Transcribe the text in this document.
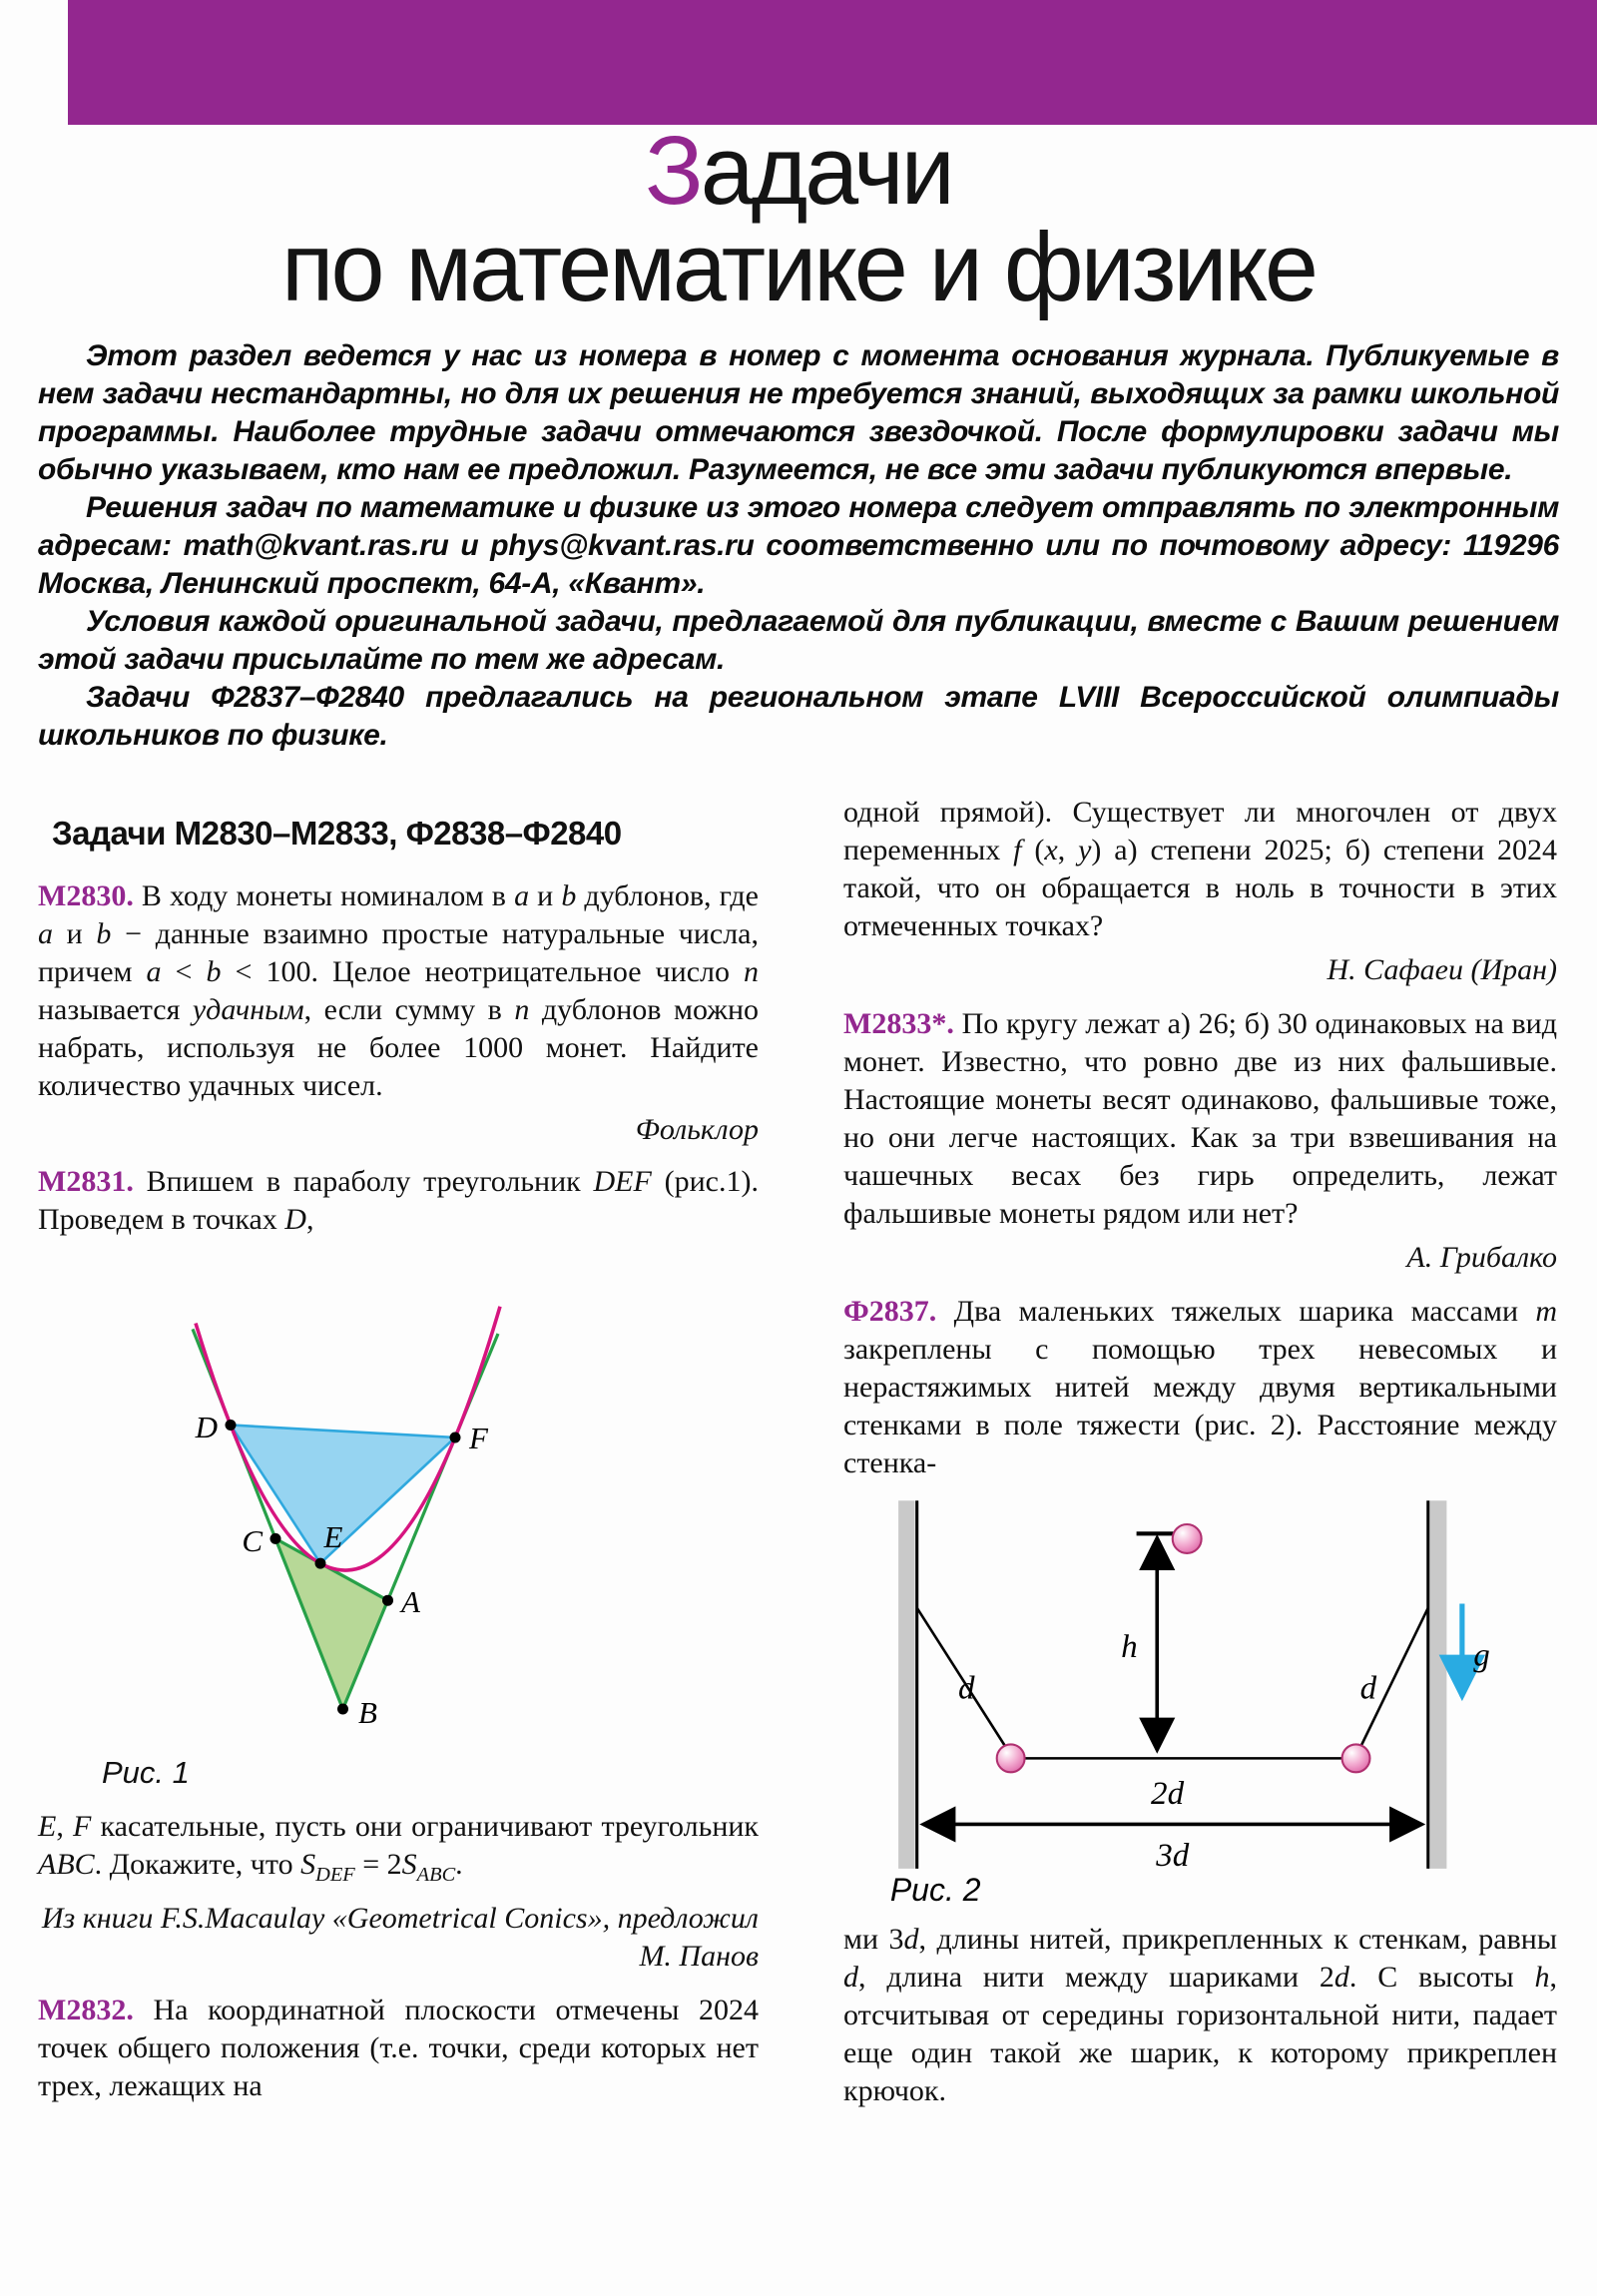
Задачи
по математике и физике

Этот раздел ведется у нас из номера в номер с момента основания журнала. Публикуемые в нем задачи нестандартны, но для их решения не требуется знаний, выходящих за рамки школьной программы. Наиболее трудные задачи отмечаются звездочкой. После формулировки задачи мы обычно указываем, кто нам ее предложил. Разумеется, не все эти задачи публикуются впервые.

Решения задач по математике и физике из этого номера следует отправлять по электронным адресам: math@kvant.ras.ru и phys@kvant.ras.ru соответственно или по почтовому адресу: 119296 Москва, Ленинский проспект, 64-А, «Квант».

Условия каждой оригинальной задачи, предлагаемой для публикации, вместе с Вашим решением этой задачи присылайте по тем же адресам.

Задачи Ф2837–Ф2840 предлагались на региональном этапе LVIII Всероссийской олимпиады школьников по физике.

Задачи М2830–М2833, Ф2838–Ф2840

М2830. В ходу монеты номиналом в a и b дублонов, где a и b − данные взаимно простые натуральные числа, причем a < b < 100. Целое неотрицательное число n называется удачным, если сумму в n дублонов можно набрать, используя не более 1000 монет. Найдите количество удачных чисел.

Фольклор

М2831. Впишем в параболу треугольник DEF (рис.1). Проведем в точках D,

D
C E
F
A
B
Рис. 1

E, F касательные, пусть они ограничивают треугольник ABC. Докажите, что $S_{DEF} = 2S_{ABC}$.

Из книги F.S.Macaulay «Geometrical Conics», предложил М. Панов

М2832. На координатной плоскости отмечены 2024 точек общего положения (т.е. точки, среди которых нет трех, лежащих на

одной прямой). Существует ли многочлен от двух переменных f (x, y) а) степени 2025; б) степени 2024 такой, что он обращается в ноль в точности в этих отмеченных точках?

Н. Сафаеи (Иран)

М2833*. По кругу лежат а) 26; б) 30 одинаковых на вид монет. Известно, что ровно две из них фальшивые. Настоящие монеты весят одинаково, фальшивые тоже, но они легче настоящих. Как за три взвешивания на чашечных весах без гирь определить, лежат фальшивые монеты рядом или нет?

А. Грибалко

Ф2837. Два маленьких тяжелых шарика массами m закреплены с помощью трех невесомых и нерастяжимых нитей между двумя вертикальными стенками в поле тяжести (рис. 2). Расстояние между стенка-

h
d	d
2d
3d
g
Рис. 2

ми 3d, длины нитей, прикрепленных к стенкам, равны d, длина нити между шариками 2d. С высоты h, отсчитывая от середины горизонтальной нити, падает еще один такой же шарик, к которому прикреплен крючок.
